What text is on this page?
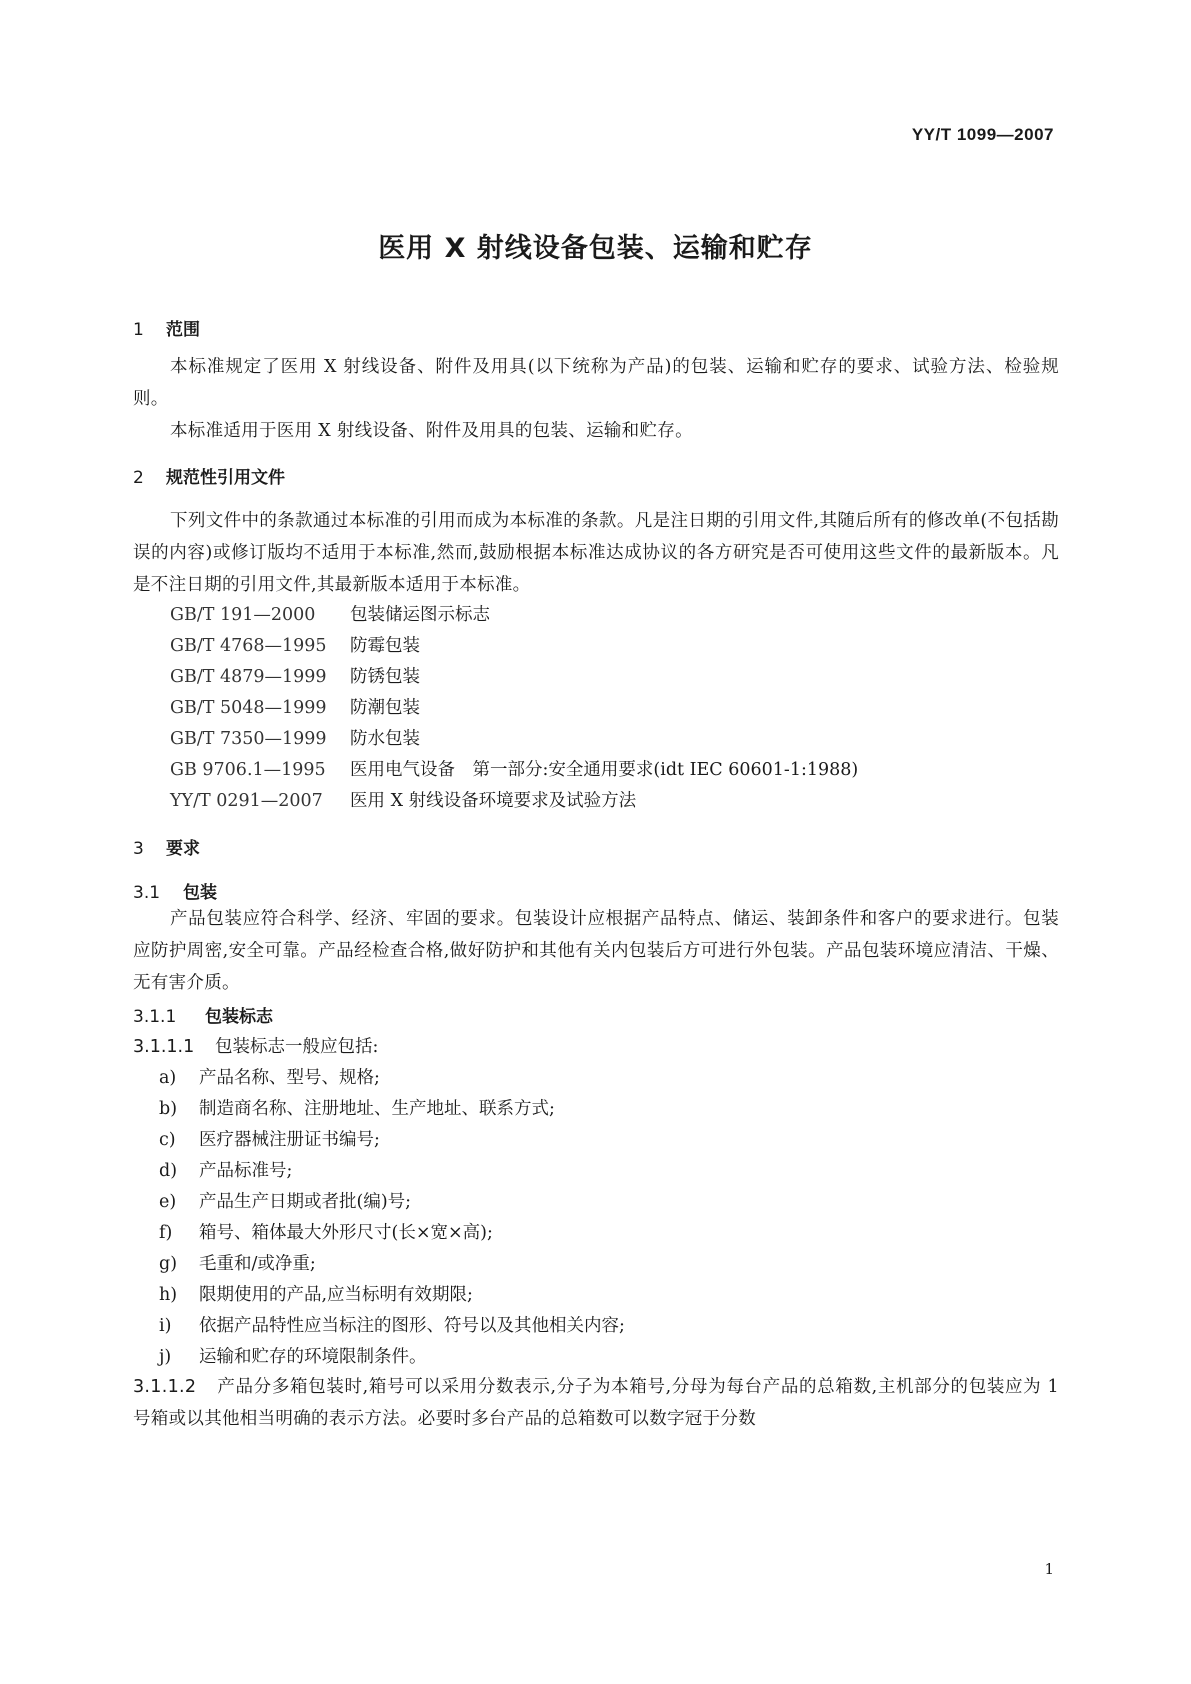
YY/T 1099—2007
医用 X 射线设备包装、运输和贮存
1 范围
本标准规定了医用 X 射线设备、附件及用具(以下统称为产品)的包装、运输和贮存的要求、试验方法、检验规则。
本标准适用于医用 X 射线设备、附件及用具的包装、运输和贮存。
2 规范性引用文件
下列文件中的条款通过本标准的引用而成为本标准的条款。凡是注日期的引用文件,其随后所有的修改单(不包括勘误的内容)或修订版均不适用于本标准,然而,鼓励根据本标准达成协议的各方研究是否可使用这些文件的最新版本。凡是不注日期的引用文件,其最新版本适用于本标准。
GB/T 191—2000 包装储运图示标志
GB/T 4768—1995 防霉包装
GB/T 4879—1999 防锈包装
GB/T 5048—1999 防潮包装
GB/T 7350—1999 防水包装
GB 9706.1—1995 医用电气设备　第一部分:安全通用要求(idt IEC 60601-1:1988)
YY/T 0291—2007 医用 X 射线设备环境要求及试验方法
3 要求
3.1 包装
产品包装应符合科学、经济、牢固的要求。包装设计应根据产品特点、储运、装卸条件和客户的要求进行。包装应防护周密,安全可靠。产品经检查合格,做好防护和其他有关内包装后方可进行外包装。产品包装环境应清洁、干燥、无有害介质。
3.1.1 包装标志
3.1.1.1 包装标志一般应包括:
a) 产品名称、型号、规格;
b) 制造商名称、注册地址、生产地址、联系方式;
c) 医疗器械注册证书编号;
d) 产品标准号;
e) 产品生产日期或者批(编)号;
f) 箱号、箱体最大外形尺寸(长×宽×高);
g) 毛重和/或净重;
h) 限期使用的产品,应当标明有效期限;
i) 依据产品特性应当标注的图形、符号以及其他相关内容;
j) 运输和贮存的环境限制条件。
3.1.1.2 产品分多箱包装时,箱号可以采用分数表示,分子为本箱号,分母为每台产品的总箱数,主机部分的包装应为 1 号箱或以其他相当明确的表示方法。必要时多台产品的总箱数可以数字冠于分数
1
